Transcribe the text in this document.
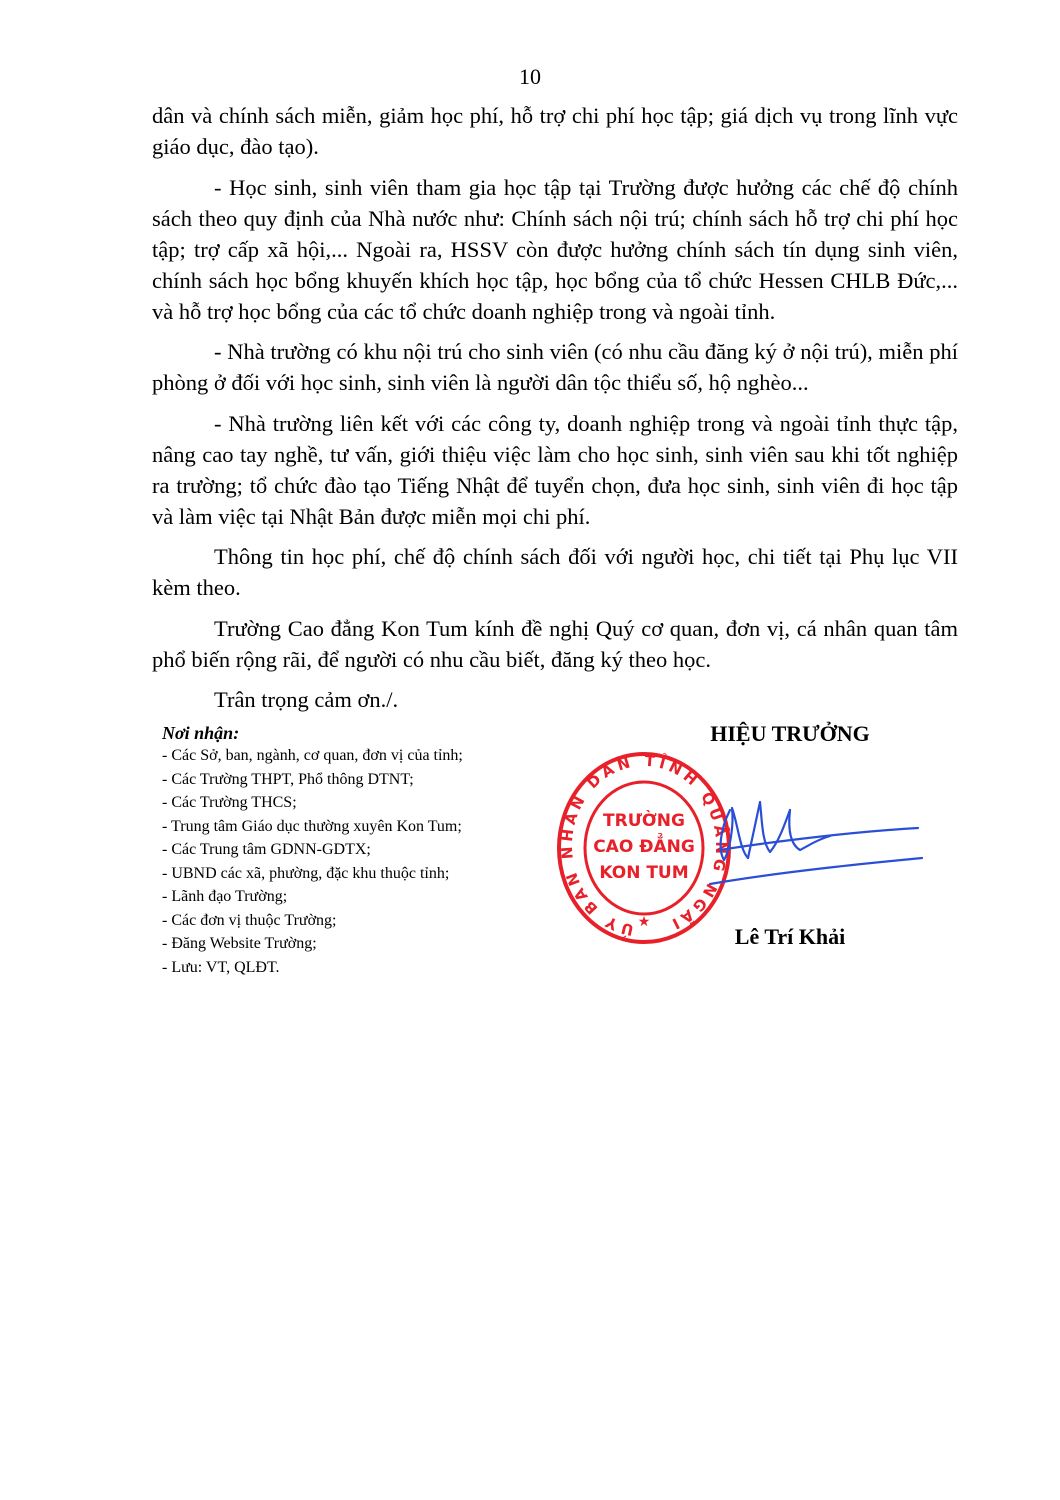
10

dân và chính sách miễn, giảm học phí, hỗ trợ chi phí học tập; giá dịch vụ trong lĩnh vực giáo dục, đào tạo).

- Học sinh, sinh viên tham gia học tập tại Trường được hưởng các chế độ chính sách theo quy định của Nhà nước như: Chính sách nội trú; chính sách hỗ trợ chi phí học tập; trợ cấp xã hội,... Ngoài ra, HSSV còn được hưởng chính sách tín dụng sinh viên, chính sách học bổng khuyến khích học tập, học bổng của tổ chức Hessen CHLB Đức,... và hỗ trợ học bổng của các tổ chức doanh nghiệp trong và ngoài tỉnh.

- Nhà trường có khu nội trú cho sinh viên (có nhu cầu đăng ký ở nội trú), miễn phí phòng ở đối với học sinh, sinh viên là người dân tộc thiểu số, hộ nghèo...

- Nhà trường liên kết với các công ty, doanh nghiệp trong và ngoài tỉnh thực tập, nâng cao tay nghề, tư vấn, giới thiệu việc làm cho học sinh, sinh viên sau khi tốt nghiệp ra trường; tổ chức đào tạo Tiếng Nhật để tuyển chọn, đưa học sinh, sinh viên đi học tập và làm việc tại Nhật Bản được miễn mọi chi phí.

Thông tin học phí, chế độ chính sách đối với người học, chi tiết tại Phụ lục VII kèm theo.

Trường Cao đẳng Kon Tum kính đề nghị Quý cơ quan, đơn vị, cá nhân quan tâm phổ biến rộng rãi, để người có nhu cầu biết, đăng ký theo học.

Trân trọng cảm ơn./.

Nơi nhận:
- Các Sở, ban, ngành, cơ quan, đơn vị của tỉnh;
- Các Trường THPT, Phổ thông DTNT;
- Các Trường THCS;
- Trung tâm Giáo dục thường xuyên Kon Tum;
- Các Trung tâm GDNN-GDTX;
- UBND các xã, phường, đặc khu thuộc tỉnh;
- Lãnh đạo Trường;
- Các đơn vị thuộc Trường;
- Đăng Website Trường;
- Lưu: VT, QLĐT.
HIỆU TRƯỞNG
ỦY BAN NHÂN DÂN TỈNH QUẢNG NGÃI
TRƯỜNG
CAO ĐẲNG
KON TUM
★
Lê Trí Khải
